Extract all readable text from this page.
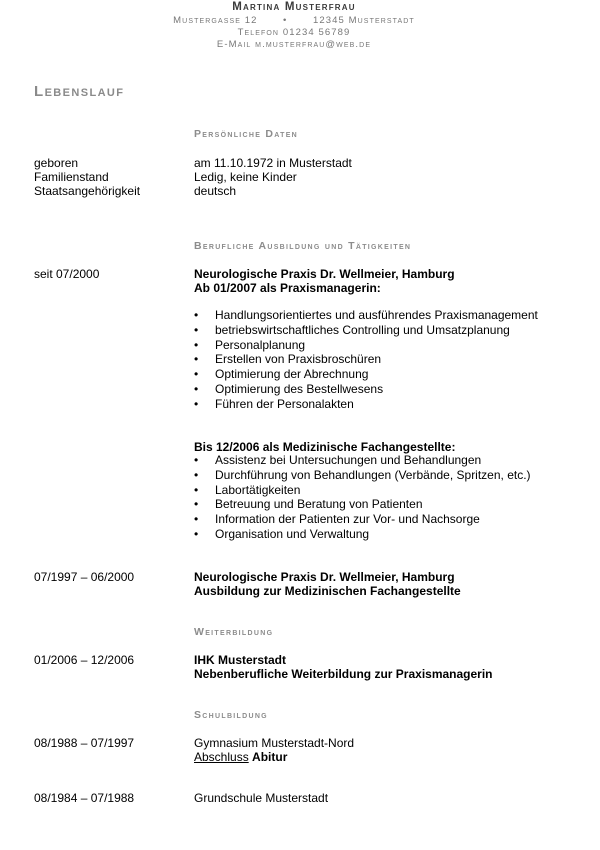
Martina Musterfrau
Mustergasse 12	•	12345 Musterstadt
Telefon 01234 56789
E-Mail m.musterfrau@web.de
Lebenslauf
Persönliche Daten
geboren	am 11.10.1972 in Musterstadt
Familienstand	Ledig, keine Kinder
Staatsangehörigkeit	deutsch
Berufliche Ausbildung und Tätigkeiten
seit 07/2000	Neurologische Praxis Dr. Wellmeier, Hamburg
Ab 01/2007 als Praxismanagerin:
• Handlungsorientiertes und ausführendes Praxismanagement
• betriebswirtschaftliches Controlling und Umsatzplanung
• Personalplanung
• Erstellen von Praxisbroschüren
• Optimierung der Abrechnung
• Optimierung des Bestellwesens
• Führen der Personalakten
Bis 12/2006 als Medizinische Fachangestellte:
• Assistenz bei Untersuchungen und Behandlungen
• Durchführung von Behandlungen (Verbände, Spritzen, etc.)
• Labortätigkeiten
• Betreuung und Beratung von Patienten
• Information der Patienten zur Vor- und Nachsorge
• Organisation und Verwaltung
07/1997 – 06/2000	Neurologische Praxis Dr. Wellmeier, Hamburg
Ausbildung zur Medizinischen Fachangestellte
Weiterbildung
01/2006 – 12/2006	IHK Musterstadt
Nebenberufliche Weiterbildung zur Praxismanagerin
Schulbildung
08/1988 – 07/1997	Gymnasium Musterstadt-Nord
Abschluss Abitur
08/1984 – 07/1988	Grundschule Musterstadt
